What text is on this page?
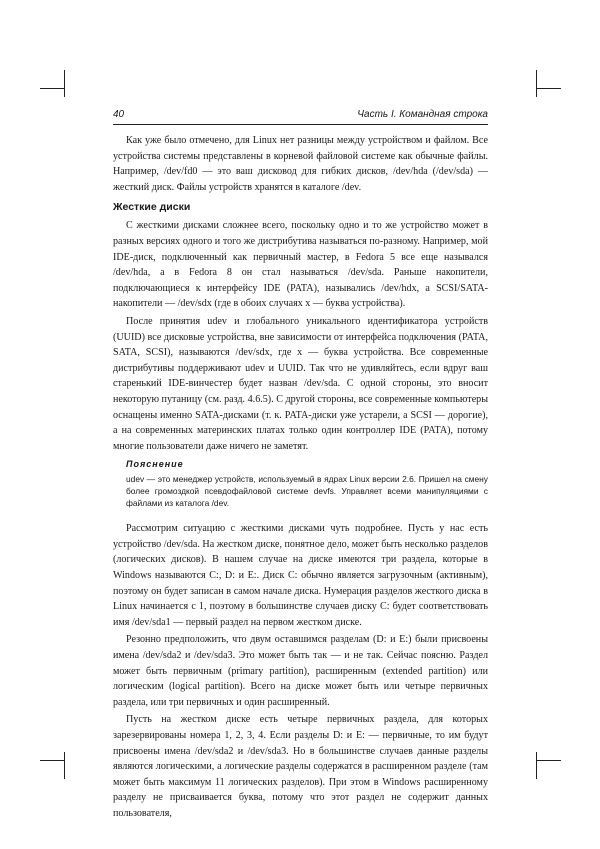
40	Часть I. Командная строка

Как уже было отмечено, для Linux нет разницы между устройством и файлом. Все устройства системы представлены в корневой файловой системе как обычные файлы. Например, /dev/fd0 — это ваш дисковод для гибких дисков, /dev/hda (/dev/sda) — жесткий диск. Файлы устройств хранятся в каталоге /dev.

Жесткие диски

С жесткими дисками сложнее всего, поскольку одно и то же устройство может в разных версиях одного и того же дистрибутива называться по-разному. Например, мой IDE-диск, подключенный как первичный мастер, в Fedora 5 все еще назывался /dev/hda, а в Fedora 8 он стал называться /dev/sda. Раньше накопители, подключающиеся к интерфейсу IDE (PATA), назывались /dev/hdx, а SCSI/SATA-накопители — /dev/sdx (где в обоих случаях x — буква устройства).

После принятия udev и глобального уникального идентификатора устройств (UUID) все дисковые устройства, вне зависимости от интерфейса подключения (PATA, SATA, SCSI), называются /dev/sdx, где x — буква устройства. Все современные дистрибутивы поддерживают udev и UUID. Так что не удивляйтесь, если вдруг ваш старенький IDE-винчестер будет назван /dev/sda. С одной стороны, это вносит некоторую путаницу (см. разд. 4.6.5). С другой стороны, все современные компьютеры оснащены именно SATA-дисками (т. к. PATA-диски уже устарели, а SCSI — дорогие), а на современных материнских платах только один контроллер IDE (PATA), потому многие пользователи даже ничего не заметят.

Пояснение
udev — это менеджер устройств, используемый в ядрах Linux версии 2.6. Пришел на смену более громоздкой псевдофайловой системе devfs. Управляет всеми манипуляциями с файлами из каталога /dev.

Рассмотрим ситуацию с жесткими дисками чуть подробнее. Пусть у нас есть устройство /dev/sda. На жестком диске, понятное дело, может быть несколько разделов (логических дисков). В нашем случае на диске имеются три раздела, которые в Windows называются C:, D: и E:. Диск C: обычно является загрузочным (активным), поэтому он будет записан в самом начале диска. Нумерация разделов жесткого диска в Linux начинается с 1, поэтому в большинстве случаев диску C: будет соответствовать имя /dev/sda1 — первый раздел на первом жестком диске.

Резонно предположить, что двум оставшимся разделам (D: и E:) были присвоены имена /dev/sda2 и /dev/sda3. Это может быть так — и не так. Сейчас поясню. Раздел может быть первичным (primary partition), расширенным (extended partition) или логическим (logical partition). Всего на диске может быть или четыре первичных раздела, или три первичных и один расширенный.

Пусть на жестком диске есть четыре первичных раздела, для которых зарезервированы номера 1, 2, 3, 4. Если разделы D: и E: — первичные, то им будут присвоены имена /dev/sda2 и /dev/sda3. Но в большинстве случаев данные разделы являются логическими, а логические разделы содержатся в расширенном разделе (там может быть максимум 11 логических разделов). При этом в Windows расширенному разделу не присваивается буква, потому что этот раздел не содержит данных пользователя,
